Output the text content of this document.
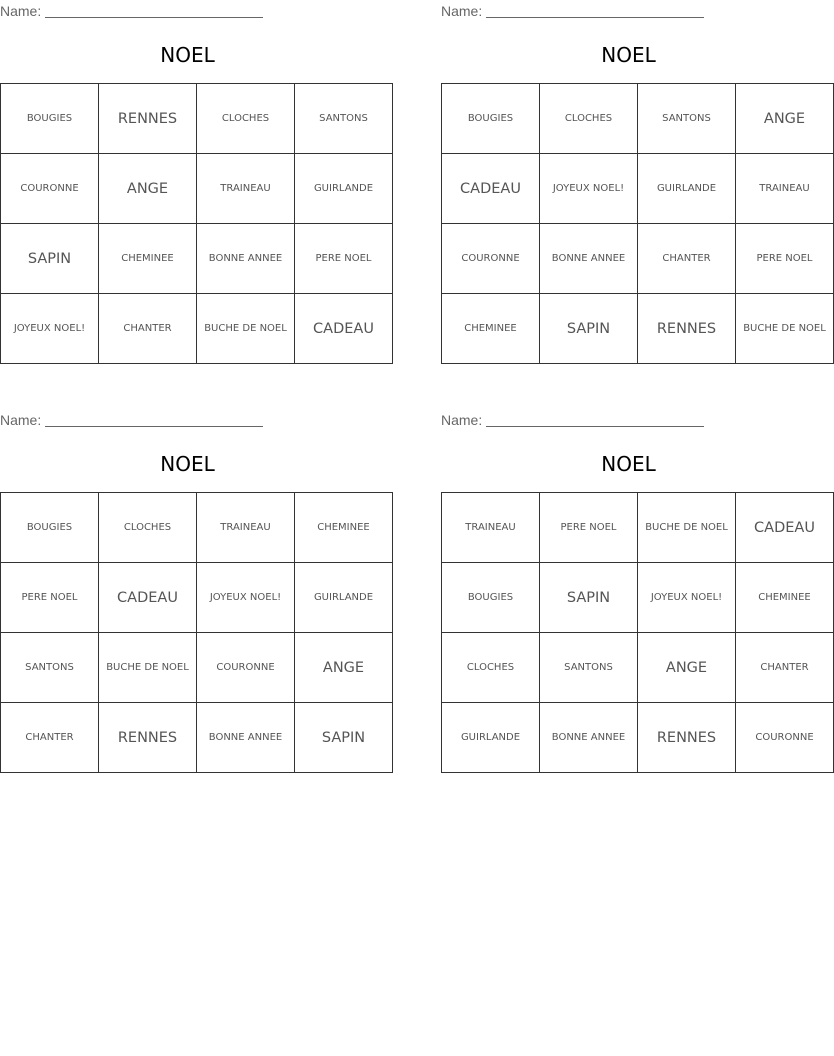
Name:
NOEL
BOUGIES	RENNES	CLOCHES	SANTONS
COURONNE	ANGE	TRAINEAU	GUIRLANDE
SAPIN	CHEMINEE	BONNE ANNEE	PERE NOEL
JOYEUX NOEL!	CHANTER	BUCHE DE NOEL	CADEAU
Name:
NOEL
BOUGIES	CLOCHES	SANTONS	ANGE
CADEAU	JOYEUX NOEL!	GUIRLANDE	TRAINEAU
COURONNE	BONNE ANNEE	CHANTER	PERE NOEL
CHEMINEE	SAPIN	RENNES	BUCHE DE NOEL
Name:
NOEL
BOUGIES	CLOCHES	TRAINEAU	CHEMINEE
PERE NOEL	CADEAU	JOYEUX NOEL!	GUIRLANDE
SANTONS	BUCHE DE NOEL	COURONNE	ANGE
CHANTER	RENNES	BONNE ANNEE	SAPIN
Name:
NOEL
TRAINEAU	PERE NOEL	BUCHE DE NOEL	CADEAU
BOUGIES	SAPIN	JOYEUX NOEL!	CHEMINEE
CLOCHES	SANTONS	ANGE	CHANTER
GUIRLANDE	BONNE ANNEE	RENNES	COURONNE
